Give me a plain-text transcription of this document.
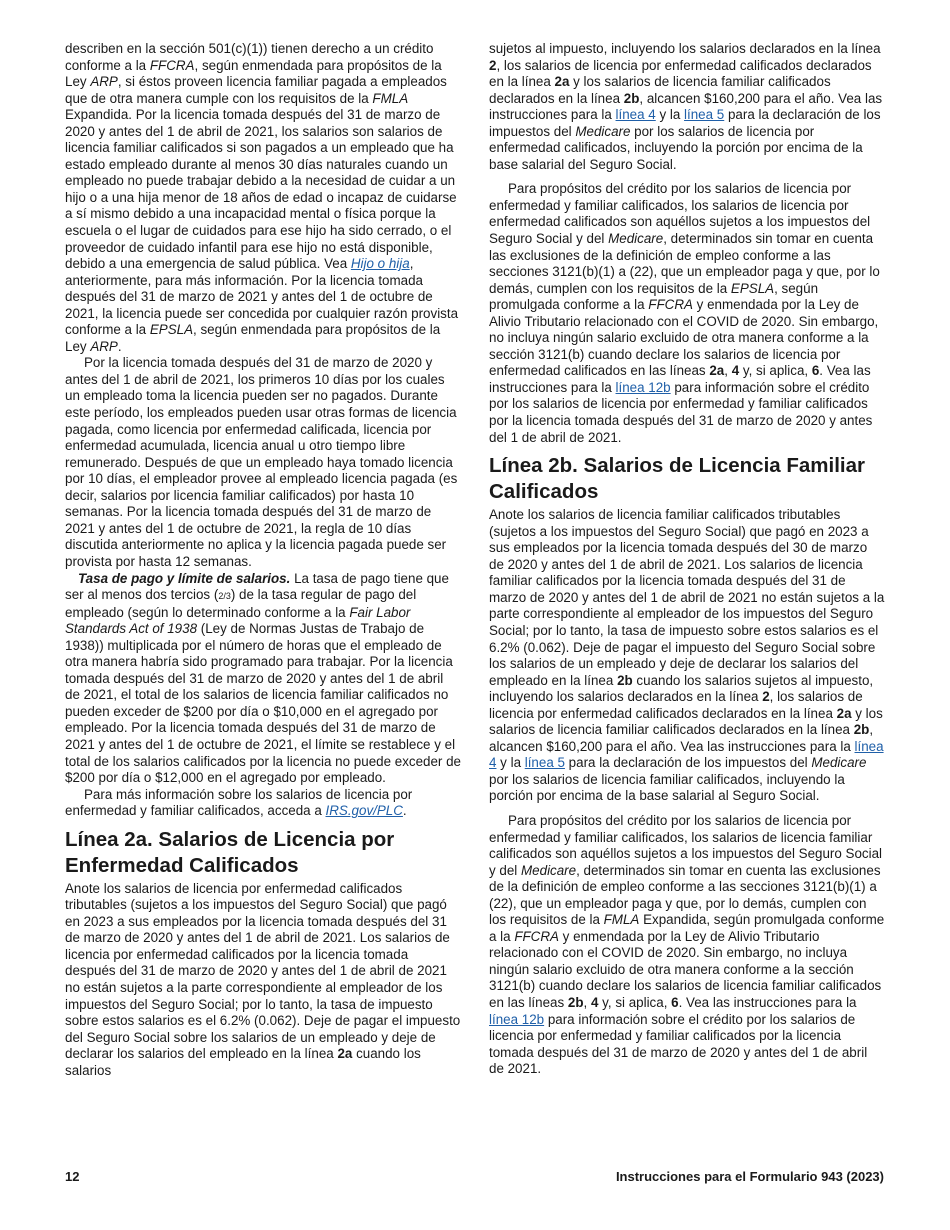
describen en la sección 501(c)(1)) tienen derecho a un crédito conforme a la FFCRA, según enmendada para propósitos de la Ley ARP, si éstos proveen licencia familiar pagada a empleados que de otra manera cumple con los requisitos de la FMLA Expandida. Por la licencia tomada después del 31 de marzo de 2020 y antes del 1 de abril de 2021, los salarios son salarios de licencia familiar calificados si son pagados a un empleado que ha estado empleado durante al menos 30 días naturales cuando un empleado no puede trabajar debido a la necesidad de cuidar a un hijo o a una hija menor de 18 años de edad o incapaz de cuidarse a sí mismo debido a una incapacidad mental o física porque la escuela o el lugar de cuidados para ese hijo ha sido cerrado, o el proveedor de cuidado infantil para ese hijo no está disponible, debido a una emergencia de salud pública. Vea Hijo o hija, anteriormente, para más información. Por la licencia tomada después del 31 de marzo de 2021 y antes del 1 de octubre de 2021, la licencia puede ser concedida por cualquier razón provista conforme a la EPSLA, según enmendada para propósitos de la Ley ARP.

Por la licencia tomada después del 31 de marzo de 2020 y antes del 1 de abril de 2021, los primeros 10 días por los cuales un empleado toma la licencia pueden ser no pagados. Durante este período, los empleados pueden usar otras formas de licencia pagada, como licencia por enfermedad calificada, licencia por enfermedad acumulada, licencia anual u otro tiempo libre remunerado. Después de que un empleado haya tomado licencia por 10 días, el empleador provee al empleado licencia pagada (es decir, salarios por licencia familiar calificados) por hasta 10 semanas. Por la licencia tomada después del 31 de marzo de 2021 y antes del 1 de octubre de 2021, la regla de 10 días discutida anteriormente no aplica y la licencia pagada puede ser provista por hasta 12 semanas.

Tasa de pago y límite de salarios. La tasa de pago tiene que ser al menos dos tercios (2/3) de la tasa regular de pago del empleado (según lo determinado conforme a la Fair Labor Standards Act of 1938 (Ley de Normas Justas de Trabajo de 1938)) multiplicada por el número de horas que el empleado de otra manera habría sido programado para trabajar. Por la licencia tomada después del 31 de marzo de 2020 y antes del 1 de abril de 2021, el total de los salarios de licencia familiar calificados no pueden exceder de $200 por día o $10,000 en el agregado por empleado. Por la licencia tomada después del 31 de marzo de 2021 y antes del 1 de octubre de 2021, el límite se restablece y el total de los salarios calificados por la licencia no puede exceder de $200 por día o $12,000 en el agregado por empleado.

Para más información sobre los salarios de licencia por enfermedad y familiar calificados, acceda a IRS.gov/PLC.

Línea 2a. Salarios de Licencia por Enfermedad Calificados

Anote los salarios de licencia por enfermedad calificados tributables (sujetos a los impuestos del Seguro Social) que pagó en 2023 a sus empleados por la licencia tomada después del 31 de marzo de 2020 y antes del 1 de abril de 2021. Los salarios de licencia por enfermedad calificados por la licencia tomada después del 31 de marzo de 2020 y antes del 1 de abril de 2021 no están sujetos a la parte correspondiente al empleador de los impuestos del Seguro Social; por lo tanto, la tasa de impuesto sobre estos salarios es el 6.2% (0.062). Deje de pagar el impuesto del Seguro Social sobre los salarios de un empleado y deje de declarar los salarios del empleado en la línea 2a cuando los salarios

sujetos al impuesto, incluyendo los salarios declarados en la línea 2, los salarios de licencia por enfermedad calificados declarados en la línea 2a y los salarios de licencia familiar calificados declarados en la línea 2b, alcancen $160,200 para el año. Vea las instrucciones para la línea 4 y la línea 5 para la declaración de los impuestos del Medicare por los salarios de licencia por enfermedad calificados, incluyendo la porción por encima de la base salarial del Seguro Social.

Para propósitos del crédito por los salarios de licencia por enfermedad y familiar calificados, los salarios de licencia por enfermedad calificados son aquéllos sujetos a los impuestos del Seguro Social y del Medicare, determinados sin tomar en cuenta las exclusiones de la definición de empleo conforme a las secciones 3121(b)(1) a (22), que un empleador paga y que, por lo demás, cumplen con los requisitos de la EPSLA, según promulgada conforme a la FFCRA y enmendada por la Ley de Alivio Tributario relacionado con el COVID de 2020. Sin embargo, no incluya ningún salario excluido de otra manera conforme a la sección 3121(b) cuando declare los salarios de licencia por enfermedad calificados en las líneas 2a, 4 y, si aplica, 6. Vea las instrucciones para la línea 12b para información sobre el crédito por los salarios de licencia por enfermedad y familiar calificados por la licencia tomada después del 31 de marzo de 2020 y antes del 1 de abril de 2021.

Línea 2b. Salarios de Licencia Familiar Calificados

Anote los salarios de licencia familiar calificados tributables (sujetos a los impuestos del Seguro Social) que pagó en 2023 a sus empleados por la licencia tomada después del 30 de marzo de 2020 y antes del 1 de abril de 2021. Los salarios de licencia familiar calificados por la licencia tomada después del 31 de marzo de 2020 y antes del 1 de abril de 2021 no están sujetos a la parte correspondiente al empleador de los impuestos del Seguro Social; por lo tanto, la tasa de impuesto sobre estos salarios es el 6.2% (0.062). Deje de pagar el impuesto del Seguro Social sobre los salarios de un empleado y deje de declarar los salarios del empleado en la línea 2b cuando los salarios sujetos al impuesto, incluyendo los salarios declarados en la línea 2, los salarios de licencia por enfermedad calificados declarados en la línea 2a y los salarios de licencia familiar calificados declarados en la línea 2b, alcancen $160,200 para el año. Vea las instrucciones para la línea 4 y la línea 5 para la declaración de los impuestos del Medicare por los salarios de licencia familiar calificados, incluyendo la porción por encima de la base salarial al Seguro Social.

Para propósitos del crédito por los salarios de licencia por enfermedad y familiar calificados, los salarios de licencia familiar calificados son aquéllos sujetos a los impuestos del Seguro Social y del Medicare, determinados sin tomar en cuenta las exclusiones de la definición de empleo conforme a las secciones 3121(b)(1) a (22), que un empleador paga y que, por lo demás, cumplen con los requisitos de la FMLA Expandida, según promulgada conforme a la FFCRA y enmendada por la Ley de Alivio Tributario relacionado con el COVID de 2020. Sin embargo, no incluya ningún salario excluido de otra manera conforme a la sección 3121(b) cuando declare los salarios de licencia familiar calificados en las líneas 2b, 4 y, si aplica, 6. Vea las instrucciones para la línea 12b para información sobre el crédito por los salarios de licencia por enfermedad y familiar calificados por la licencia tomada después del 31 de marzo de 2020 y antes del 1 de abril de 2021.

12	Instrucciones para el Formulario 943 (2023)
